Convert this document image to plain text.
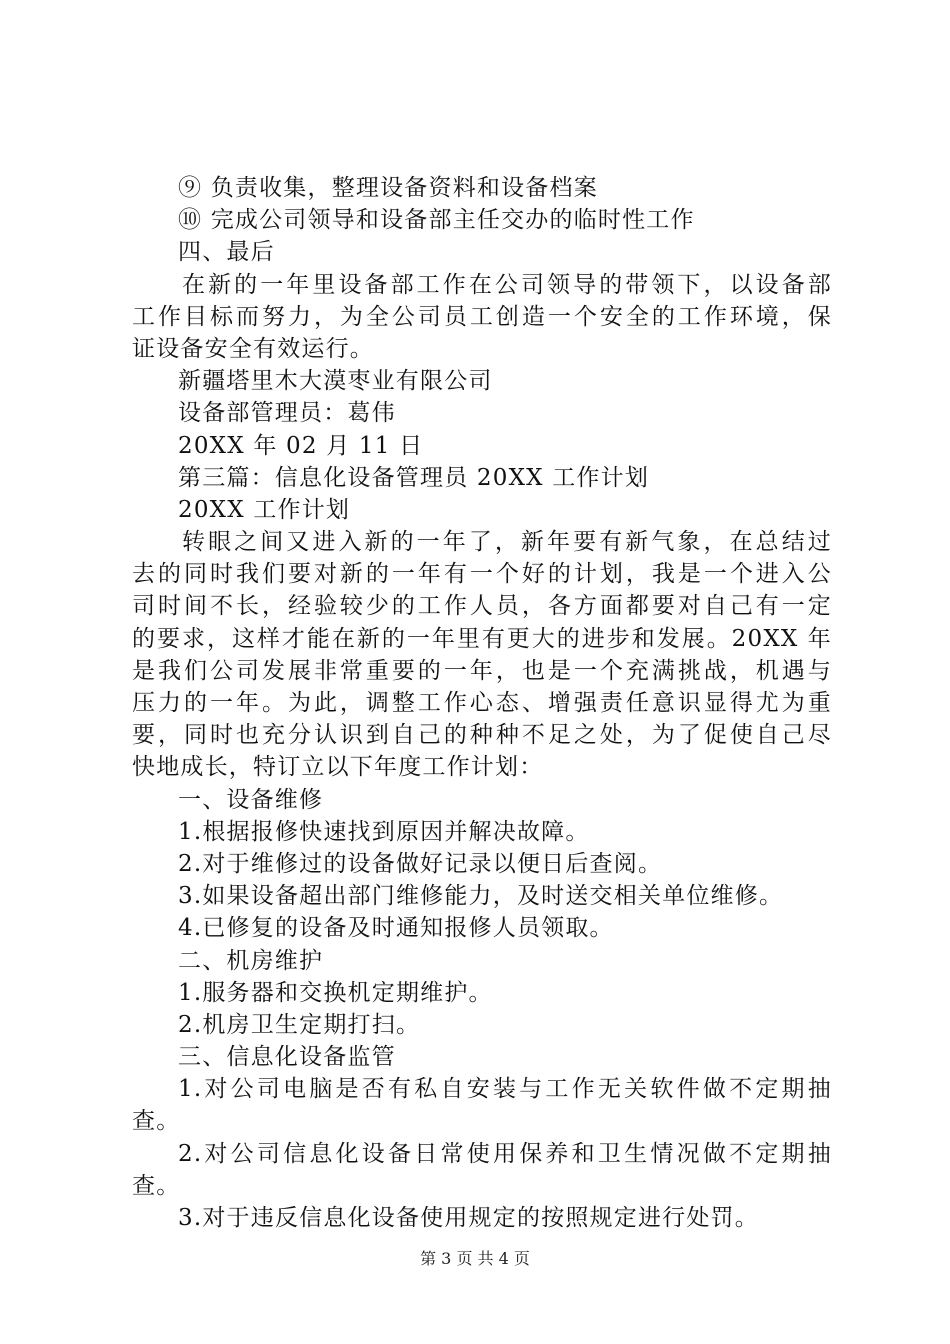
⑨ 负责收集，整理设备资料和设备档案
⑩ 完成公司领导和设备部主任交办的临时性工作
四、最后
在新的一年里设备部工作在公司领导的带领下，以设备部
工作目标而努力，为全公司员工创造一个安全的工作环境，保
证设备安全有效运行。
新疆塔里木大漠枣业有限公司
设备部管理员：葛伟
20XX 年 02 月 11 日
第三篇：信息化设备管理员 20XX 工作计划
20XX 工作计划
转眼之间又进入新的一年了，新年要有新气象，在总结过
去的同时我们要对新的一年有一个好的计划，我是一个进入公
司时间不长，经验较少的工作人员，各方面都要对自己有一定
的要求，这样才能在新的一年里有更大的进步和发展。20XX 年
是我们公司发展非常重要的一年，也是一个充满挑战，机遇与
压力的一年。为此，调整工作心态、增强责任意识显得尤为重
要，同时也充分认识到自己的种种不足之处，为了促使自己尽
快地成长，特订立以下年度工作计划：
一、设备维修
1.根据报修快速找到原因并解决故障。
2.对于维修过的设备做好记录以便日后查阅。
3.如果设备超出部门维修能力，及时送交相关单位维修。
4.已修复的设备及时通知报修人员领取。
二、机房维护
1.服务器和交换机定期维护。
2.机房卫生定期打扫。
三、信息化设备监管
1.对公司电脑是否有私自安装与工作无关软件做不定期抽
查。
2.对公司信息化设备日常使用保养和卫生情况做不定期抽
查。
3.对于违反信息化设备使用规定的按照规定进行处罚。
第 3 页 共 4 页
